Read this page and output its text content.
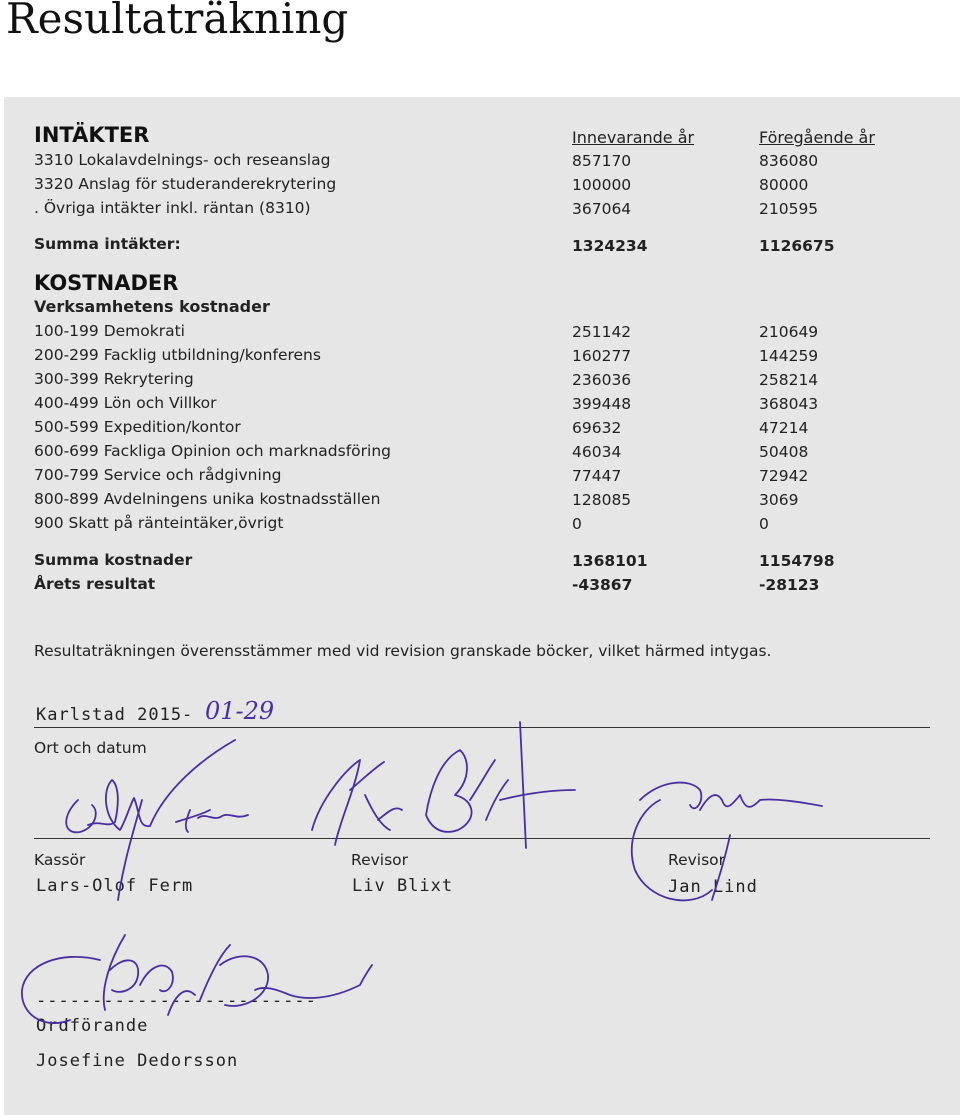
Resultaträkning
INTÄKTER	Innevarande år	Föregående år
3310 Lokalavdelnings- och reseanslag	857170	836080
3320 Anslag för studeranderekrytering	100000	80000
. Övriga intäkter inkl. räntan (8310)	367064	210595
Summa intäkter:	1324234	1126675
KOSTNADER
Verksamhetens kostnader
100-199 Demokrati	251142	210649
200-299 Facklig utbildning/konferens	160277	144259
300-399 Rekrytering	236036	258214
400-499 Lön och Villkor	399448	368043
500-599 Expedition/kontor	69632	47214
600-699 Fackliga Opinion och marknadsföring	46034	50408
700-799 Service och rådgivning	77447	72942
800-899 Avdelningens unika kostnadsställen	128085	3069
900 Skatt på ränteintäker,övrigt	0	0
Summa kostnader	1368101	1154798
Årets resultat	-43867	-28123
Resultaträkningen överensstämmer med vid revision granskade böcker, vilket härmed intygas.
Karlstad 2015- 01-29
Ort och datum
Kassör
Lars-Olof Ferm
Revisor
Liv Blixt
Revisor
Jan Lind
-------------------------
Ordförande
Josefine Dedorsson
